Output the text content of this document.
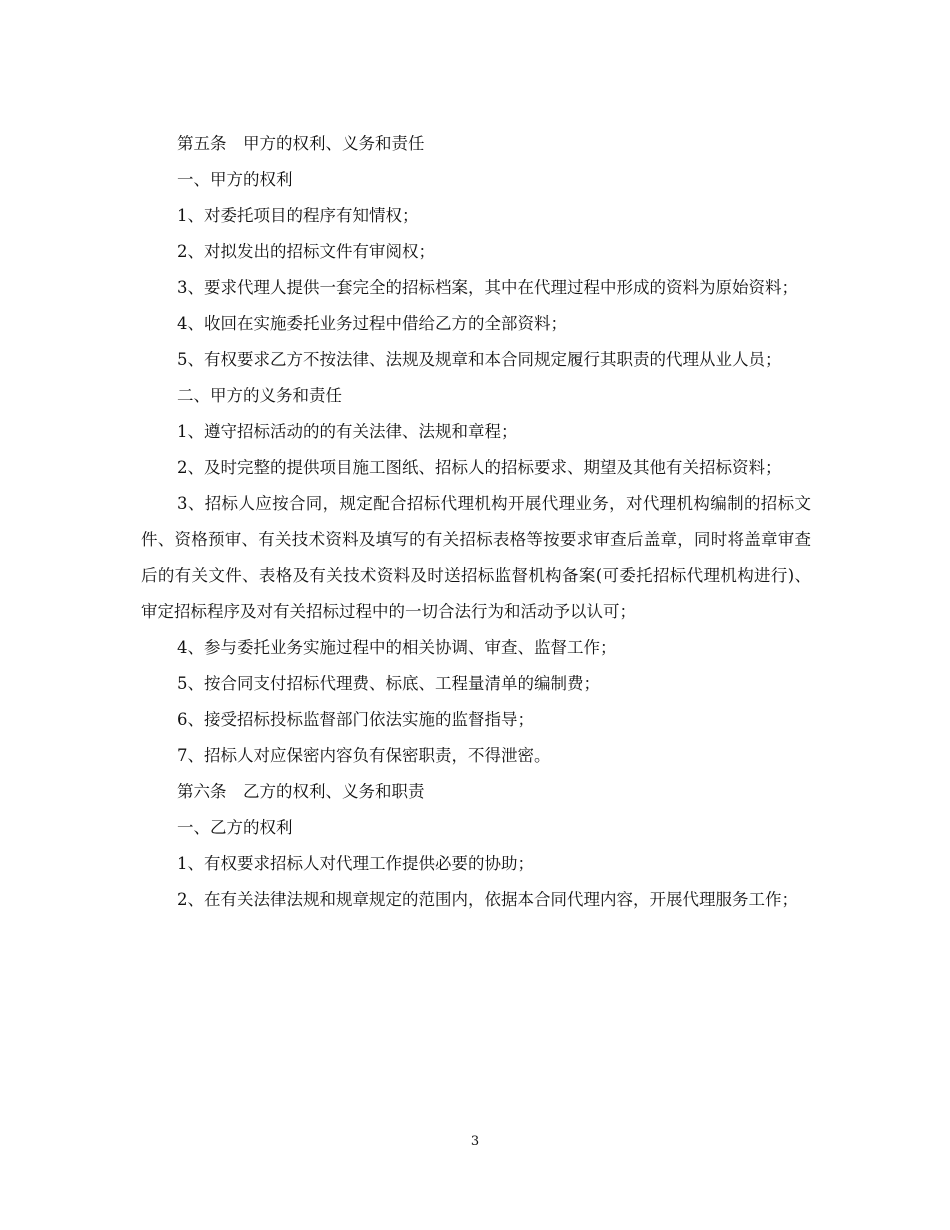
第五条　甲方的权利、义务和责任

一、甲方的权利

1、对委托项目的程序有知情权；

2、对拟发出的招标文件有审阅权；

3、要求代理人提供一套完全的招标档案，其中在代理过程中形成的资料为原始资料；

4、收回在实施委托业务过程中借给乙方的全部资料；

5、有权要求乙方不按法律、法规及规章和本合同规定履行其职责的代理从业人员；

二、甲方的义务和责任

1、遵守招标活动的的有关法律、法规和章程；

2、及时完整的提供项目施工图纸、招标人的招标要求、期望及其他有关招标资料；

3、招标人应按合同，规定配合招标代理机构开展代理业务，对代理机构编制的招标文件、资格预审、有关技术资料及填写的有关招标表格等按要求审查后盖章，同时将盖章审查后的有关文件、表格及有关技术资料及时送招标监督机构备案(可委托招标代理机构进行)、审定招标程序及对有关招标过程中的一切合法行为和活动予以认可；

4、参与委托业务实施过程中的相关协调、审查、监督工作；

5、按合同支付招标代理费、标底、工程量清单的编制费；

6、接受招标投标监督部门依法实施的监督指导；

7、招标人对应保密内容负有保密职责，不得泄密。

第六条　乙方的权利、义务和职责

一、乙方的权利

1、有权要求招标人对代理工作提供必要的协助；

2、在有关法律法规和规章规定的范围内，依据本合同代理内容，开展代理服务工作；

3
